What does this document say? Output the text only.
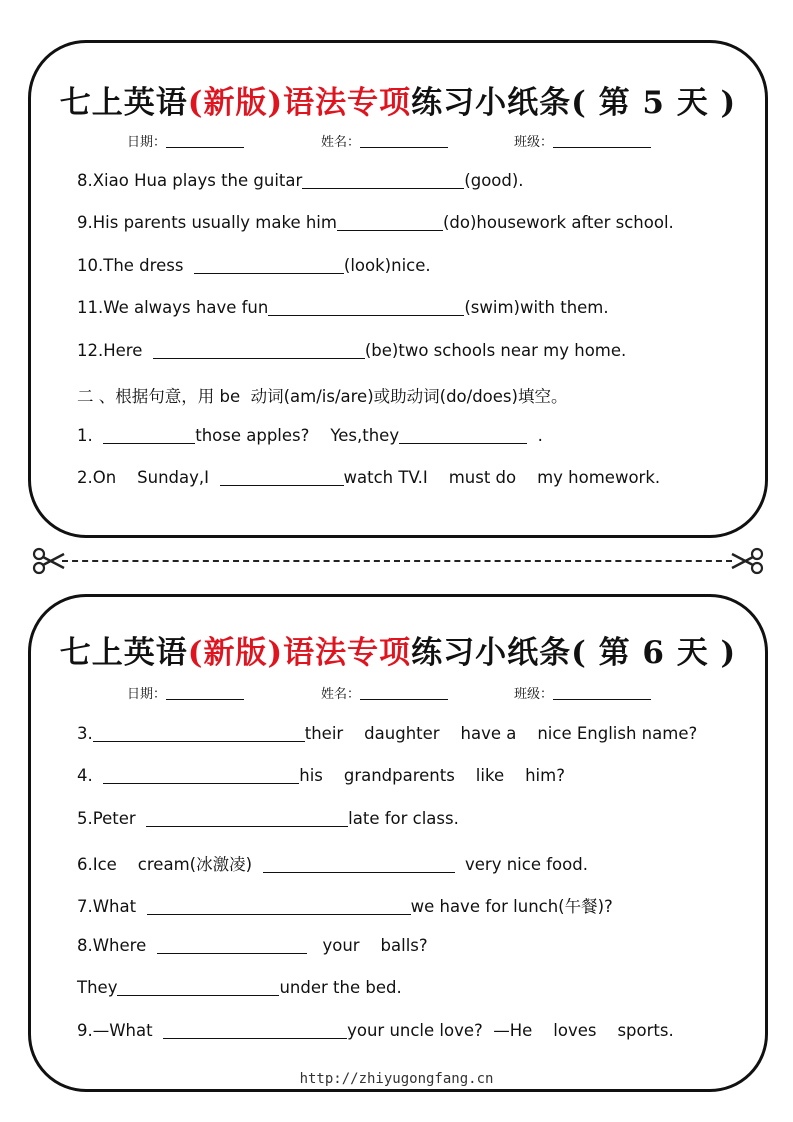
七上英语(新版)语法专项练习小纸条( 第 5 天 )
日期：	姓名：	班级：
8.Xiao Hua plays the guitar	(good).
9.His parents usually make him	(do)housework after school.
10.The dress	(look)nice.
11.We always have fun	(swim)with them.
12.Here	(be)two schools near my home.
二 、根据句意，用 be  动词(am/is/are)或助动词(do/does)填空。
1.	those apples?    Yes,they	.
2.On    Sunday,I	watch TV.I    must do    my homework.
七上英语(新版)语法专项练习小纸条( 第 6 天 )
日期：	姓名：	班级：
3.	their    daughter    have a    nice English name?
4.	his    grandparents    like    him?
5.Peter	late for class.
6.Ice    cream(冰激凌)	very nice food.
7.What	we have for lunch(午餐)?
8.Where	your    balls?
They	under the bed.
9.—What	your uncle love?  —He    loves    sports.
http://zhiyugongfang.cn
